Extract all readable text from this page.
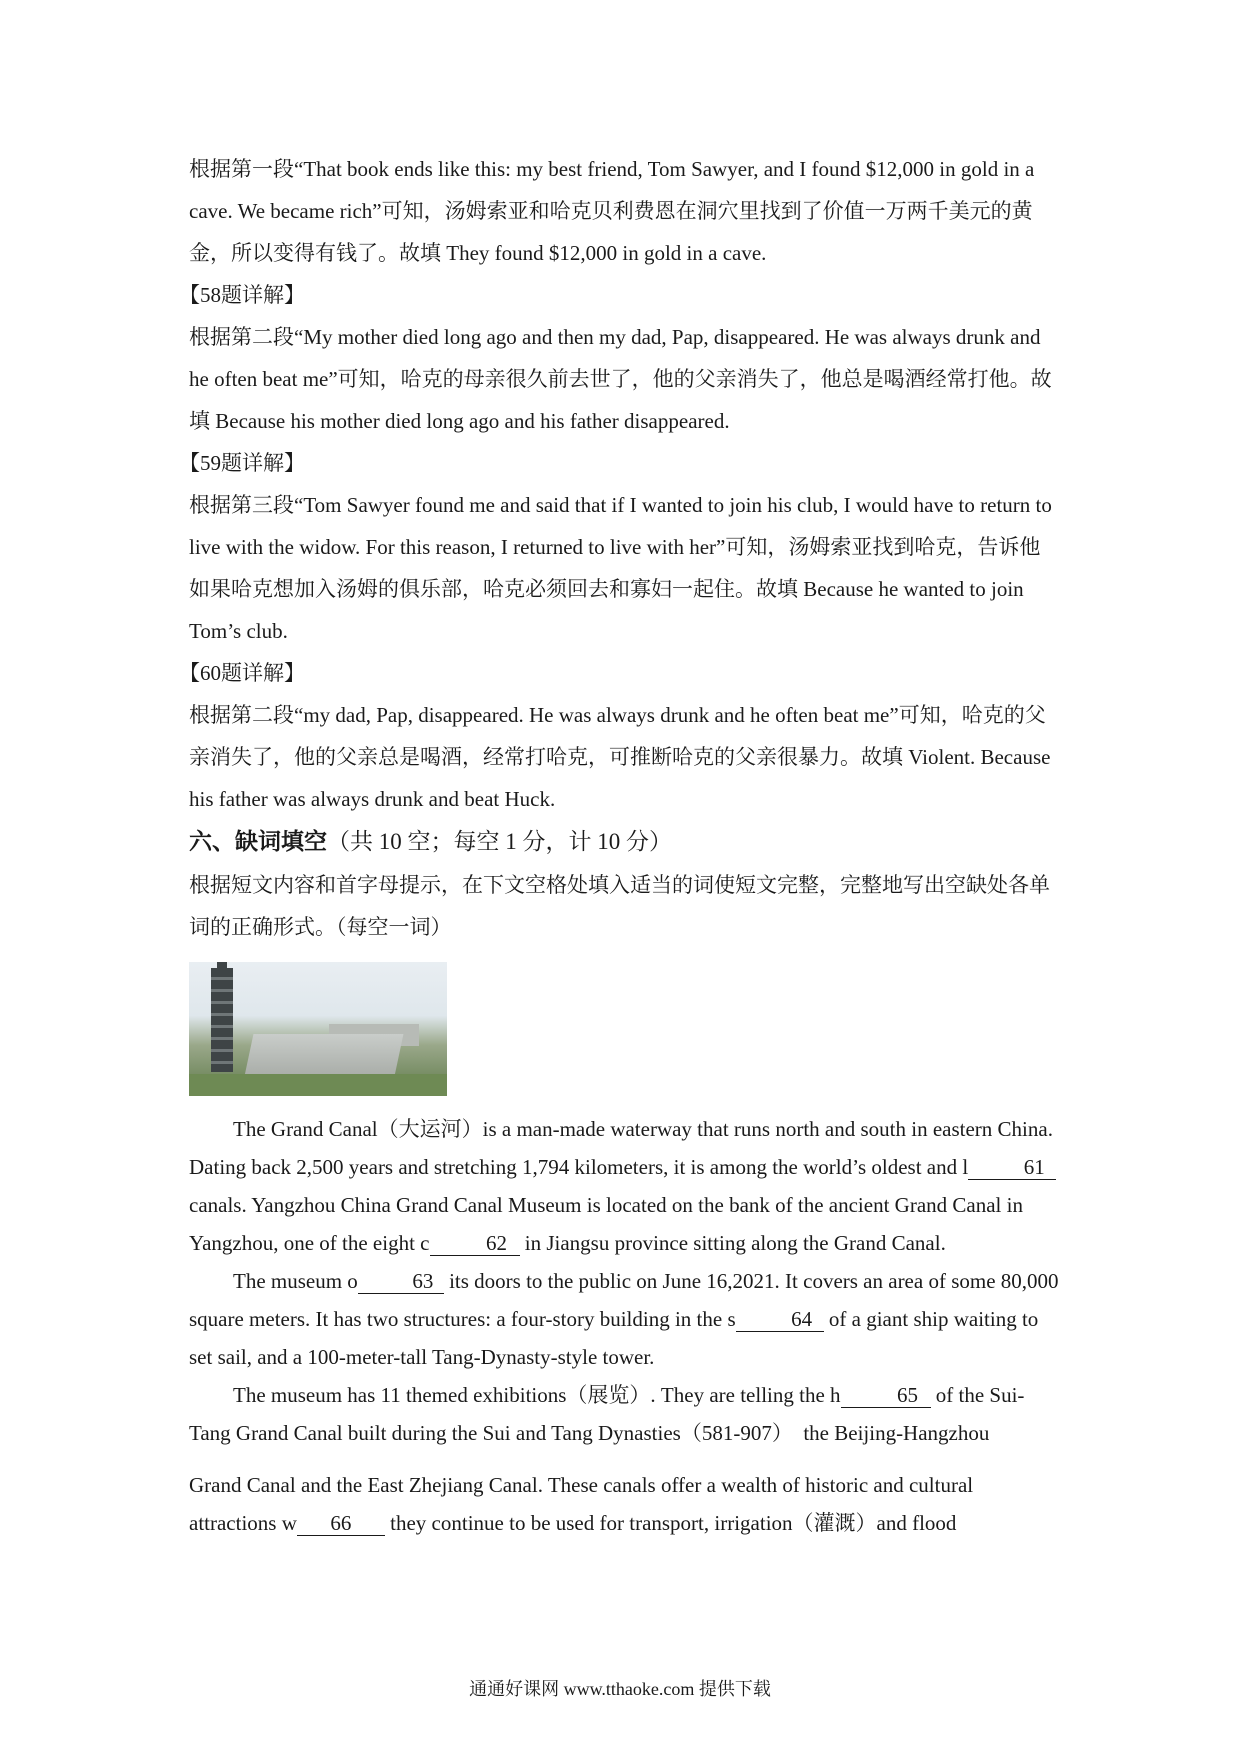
根据第一段“That book ends like this: my best friend, Tom Sawyer, and I found $12,000 in gold in a cave. We became rich”可知，汤姆索亚和哈克贝利费恩在洞穴里找到了价值一万两千美元的黄金，所以变得有钱了。故填 They found $12,000 in gold in a cave.

【58题详解】

根据第二段“My mother died long ago and then my dad, Pap, disappeared. He was always drunk and he often beat me”可知，哈克的母亲很久前去世了，他的父亲消失了，他总是喝酒经常打他。故填 Because his mother died long ago and his father disappeared.

【59题详解】

根据第三段“Tom Sawyer found me and said that if I wanted to join his club, I would have to return to live with the widow. For this reason, I returned to live with her”可知，汤姆索亚找到哈克，告诉他如果哈克想加入汤姆的俱乐部，哈克必须回去和寡妇一起住。故填 Because he wanted to join Tom’s club.

【60题详解】

根据第二段“my dad, Pap, disappeared. He was always drunk and he often beat me”可知，哈克的父亲消失了，他的父亲总是喝酒，经常打哈克，可推断哈克的父亲很暴力。故填 Violent. Because his father was always drunk and beat Huck.

六、缺词填空（共 10 空；每空 1 分，计 10 分）

根据短文内容和首字母提示，在下文空格处填入适当的词使短文完整，完整地写出空缺处各单词的正确形式。（每空一词）

The Grand Canal（大运河）is a man-made waterway that runs north and south in eastern China. Dating back 2,500 years and stretching 1,794 kilometers, it is among the world’s oldest and l	61 canals. Yangzhou China Grand Canal Museum is located on the bank of the ancient Grand Canal in Yangzhou, one of the eight c	62 in Jiangsu province sitting along the Grand Canal.

The museum o	63 its doors to the public on June 16,2021. It covers an area of some 80,000 square meters. It has two structures: a four-story building in the s	64 of a giant ship waiting to set sail, and a 100-meter-tall Tang-Dynasty-style tower.

The museum has 11 themed exhibitions（展览）. They are telling the h	65 of the Sui-Tang Grand Canal built during the Sui and Tang Dynasties（581-907）　the Beijing-Hangzhou

Grand Canal and the East Zhejiang Canal. These canals offer a wealth of historic and cultural attractions w 66 they continue to be used for transport, irrigation（灌溉）and flood

通通好课网 www.tthaoke.com 提供下载
